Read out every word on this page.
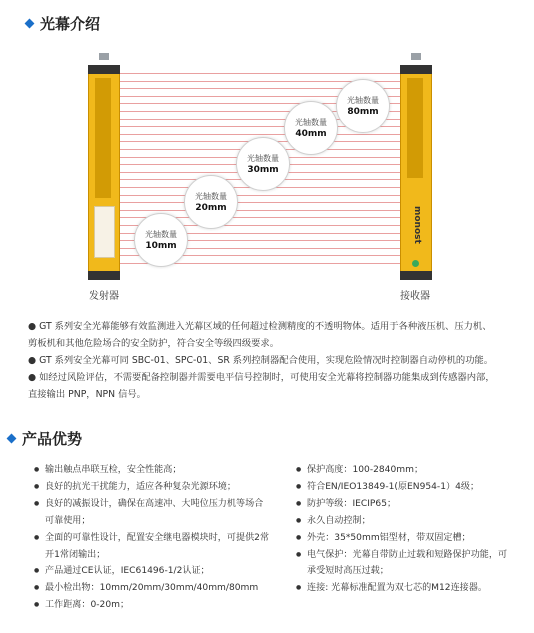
光幕介绍
发射器
monost
接收器
光轴数量
10mm
光轴数量
20mm
光轴数量
30mm
光轴数量
40mm
光轴数量
80mm

● GT 系列安全光幕能够有效监测进入光幕区域的任何超过检测精度的不透明物体。适用于各种液压机、压力机、剪板机和其他危险场合的安全防护，符合安全等级四级要求。

● GT 系列安全光幕可同 SBC-01、SPC-01、SR 系列控制器配合使用，实现危险情况时控制器自动停机的功能。

● 如经过风险评估，不需要配备控制器并需要电平信号控制时，可使用安全光幕将控制器功能集成到传感器内部，直接输出 PNP，NPN 信号。

产品优势
● 输出触点串联互检，安全性能高；
● 良好的抗光干扰能力，适应各种复杂光源环境；
● 良好的减振设计，确保在高速冲、大吨位压力机等场合可靠使用；
● 全面的可靠性设计，配置安全继电器模块时，可提供2常开1常闭输出；
● 产品通过CE认证，IEC61496-1/2认证；
● 最小检出物：10mm/20mm/30mm/40mm/80mm
● 工作距离：0-20m；
● 保护高度：100-2840mm；
● 符合EN/IEO13849-1(原EN954-1）4级；
● 防护等级：IECIP65；
● 永久自动控制；
● 外壳：35*50mm铝型材，带双固定槽；
● 电气保护：光幕自带防止过载和短路保护功能，可承受短时高压过载；
● 连接: 光幕标准配置为双七芯的M12连接器。
